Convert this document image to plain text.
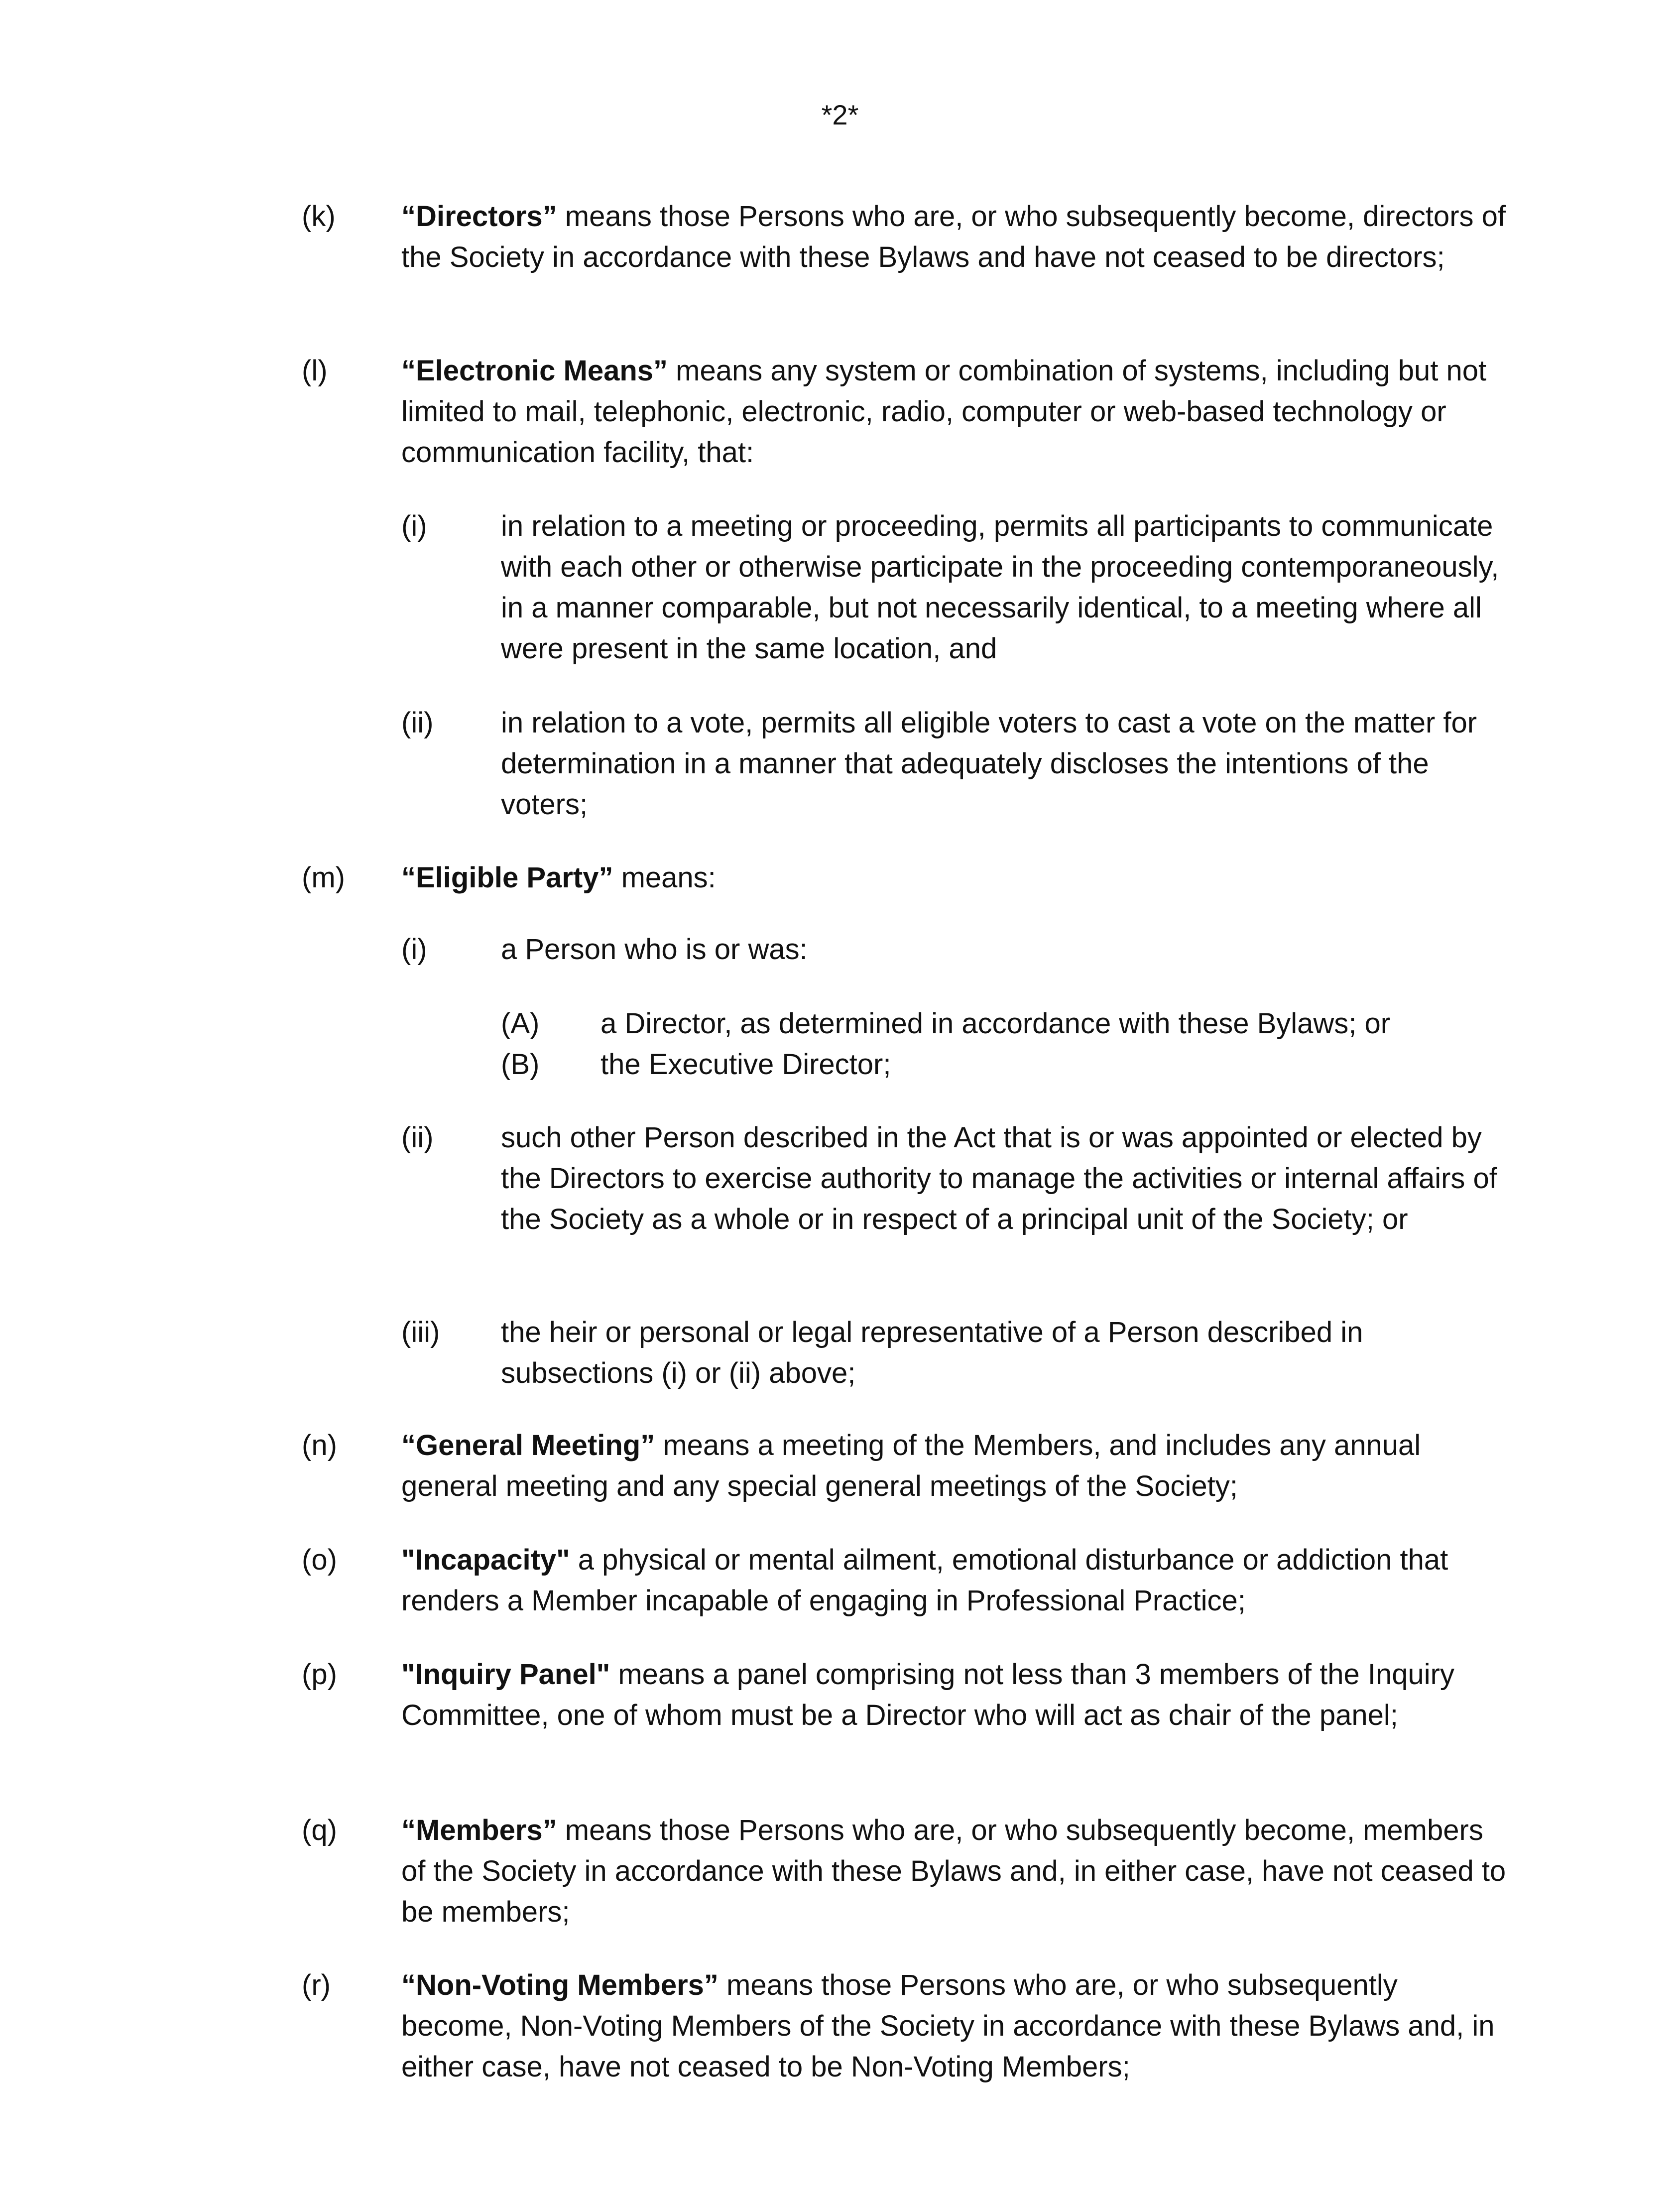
*2*
(k) “Directors” means those Persons who are, or who subsequently become, directors of the Society in accordance with these Bylaws and have not ceased to be directors;
(l)	“Electronic Means” means any system or combination of systems, including but not limited to mail, telephonic, electronic, radio, computer or web-based technology or communication facility, that:
(i)	in relation to a meeting or proceeding, permits all participants to communicate with each other or otherwise participate in the proceeding contemporaneously, in a manner comparable, but not necessarily identical, to a meeting where all were present in the same location, and
(ii) in relation to a vote, permits all eligible voters to cast a vote on the matter for determination in a manner that adequately discloses the intentions of the voters;
(m) “Eligible Party” means:
(i)	a Person who is or was:
(A) a Director, as determined in accordance with these Bylaws; or
(B) the Executive Director;
(ii) such other Person described in the Act that is or was appointed or elected by the Directors to exercise authority to manage the activities or internal affairs of the Society as a whole or in respect of a principal unit of the Society; or
(iii) the heir or personal or legal representative of a Person described in subsections (i) or (ii) above;
(n) “General Meeting” means a meeting of the Members, and includes any annual general meeting and any special general meetings of the Society;
(o) "Incapacity" a physical or mental ailment, emotional disturbance or addiction that renders a Member incapable of engaging in Professional Practice;
(p) "Inquiry Panel" means a panel comprising not less than 3 members of the Inquiry Committee, one of whom must be a Director who will act as chair of the panel;
(q) “Members” means those Persons who are, or who subsequently become, members of the Society in accordance with these Bylaws and, in either case, have not ceased to be members;
(r) “Non-Voting Members” means those Persons who are, or who subsequently become, Non-Voting Members of the Society in accordance with these Bylaws and, in either case, have not ceased to be Non-Voting Members;
